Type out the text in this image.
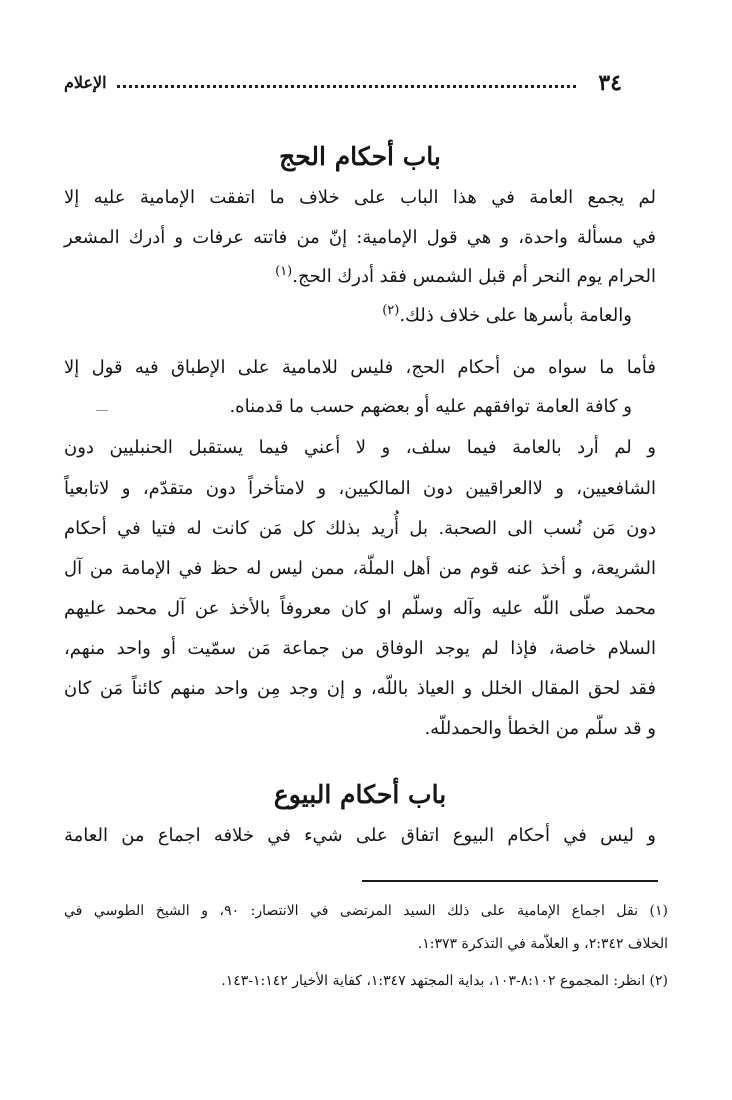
٣٤
الإعلام
باب أحكام الحج
لم يجمع العامة في هذا الباب على خلاف ما اتفقت الإمامية عليه إلا
في مسألة واحدة، و هي قول الإمامية: إنّ من فاتته عرفات و أدرك المشعر
الحرام يوم النحر أم قبل الشمس فقد أدرك الحج.$^{(١)}$
والعامة بأسرها على خلاف ذلك.$^{(٢)}$
فأما ما سواه من أحكام الحج، فليس للامامية على الإطباق فيه قول إلا
و كافة العامة توافقهم عليه أو بعضهم حسب ما قدمناه.
و لم أرد بالعامة فيما سلف، و لا أعني فيما يستقبل الحنبليين دون
الشافعيين، و لاالعراقيين دون المالكيين، و لامتأخراً دون متقدّم، و لاتابعياً
دون مَن نُسب الى الصحبة. بل أُريد بذلك كل مَن كانت له فتيا في أحكام
الشريعة، و أخذ عنه قوم من أهل الملّة، ممن ليس له حظ في الإمامة من آل
محمد صلّى اللّه عليه وآله وسلّم او كان معروفاً بالأخذ عن آل محمد عليهم
السلام خاصة، فإذا لم يوجد الوفاق من جماعة مَن سمّيت أو واحد منهم،
فقد لحق المقال الخلل و العياذ باللّه، و إن وجد مِن واحد منهم كائناً مَن كان
و قد سلّم من الخطأ والحمدللّه.
باب أحكام البيوع
و ليس في أحكام البيوع اتفاق على شيء في خلافه اجماع من العامة
(١) نقل اجماع الإمامية على ذلك السيد المرتضى في الانتصار: ٩٠، و الشيخ الطوسي في
الخلاف ٢:٣٤٢، و العلاّمة في التذكرة ١:٣٧٣.
(٢) انظر: المجموع ٨:١٠٢-١٠٣، بداية المجتهد ١:٣٤٧، كفاية الأخيار ١:١٤٢-١٤٣.
